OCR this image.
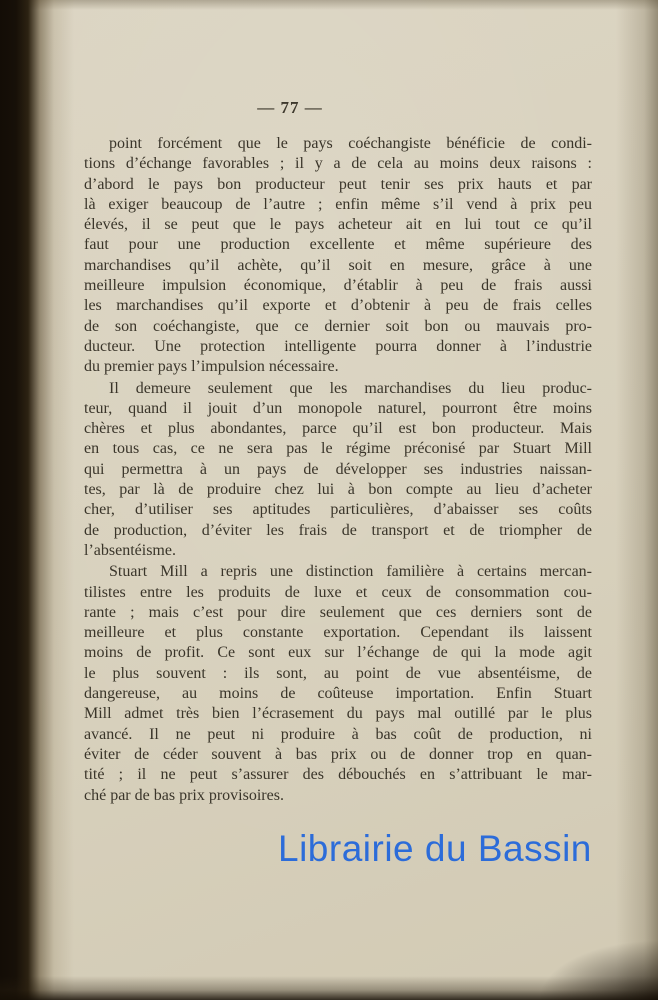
— 77 —

point forcément que le pays coéchangiste bénéficie de condi-
tions d’échange favorables ; il y a de cela au moins deux raisons :
d’abord le pays bon producteur peut tenir ses prix hauts et par
là exiger beaucoup de l’autre ; enfin même s’il vend à prix peu
élevés, il se peut que le pays acheteur ait en lui tout ce qu’il
faut pour une production excellente et même supérieure des
marchandises qu’il achète, qu’il soit en mesure, grâce à une
meilleure impulsion économique, d’établir à peu de frais aussi
les marchandises qu’il exporte et d’obtenir à peu de frais celles
de son coéchangiste, que ce dernier soit bon ou mauvais pro-
ducteur. Une protection intelligente pourra donner à l’industrie
du premier pays l’impulsion nécessaire.

Il demeure seulement que les marchandises du lieu produc-
teur, quand il jouit d’un monopole naturel, pourront être moins
chères et plus abondantes, parce qu’il est bon producteur. Mais
en tous cas, ce ne sera pas le régime préconisé par Stuart Mill
qui permettra à un pays de développer ses industries naissan-
tes, par là de produire chez lui à bon compte au lieu d’acheter
cher, d’utiliser ses aptitudes particulières, d’abaisser ses coûts
de production, d’éviter les frais de transport et de triompher de
l’absentéisme.

Stuart Mill a repris une distinction familière à certains mercan-
tilistes entre les produits de luxe et ceux de consommation cou-
rante ; mais c’est pour dire seulement que ces derniers sont de
meilleure et plus constante exportation. Cependant ils laissent
moins de profit. Ce sont eux sur l’échange de qui la mode agit
le plus souvent : ils sont, au point de vue absentéisme, de
dangereuse, au moins de coûteuse importation. Enfin Stuart
Mill admet très bien l’écrasement du pays mal outillé par le plus
avancé. Il ne peut ni produire à bas coût de production, ni
éviter de céder souvent à bas prix ou de donner trop en quan-
tité ; il ne peut s’assurer des débouchés en s’attribuant le mar-
ché par de bas prix provisoires.

Librairie du Bassin
